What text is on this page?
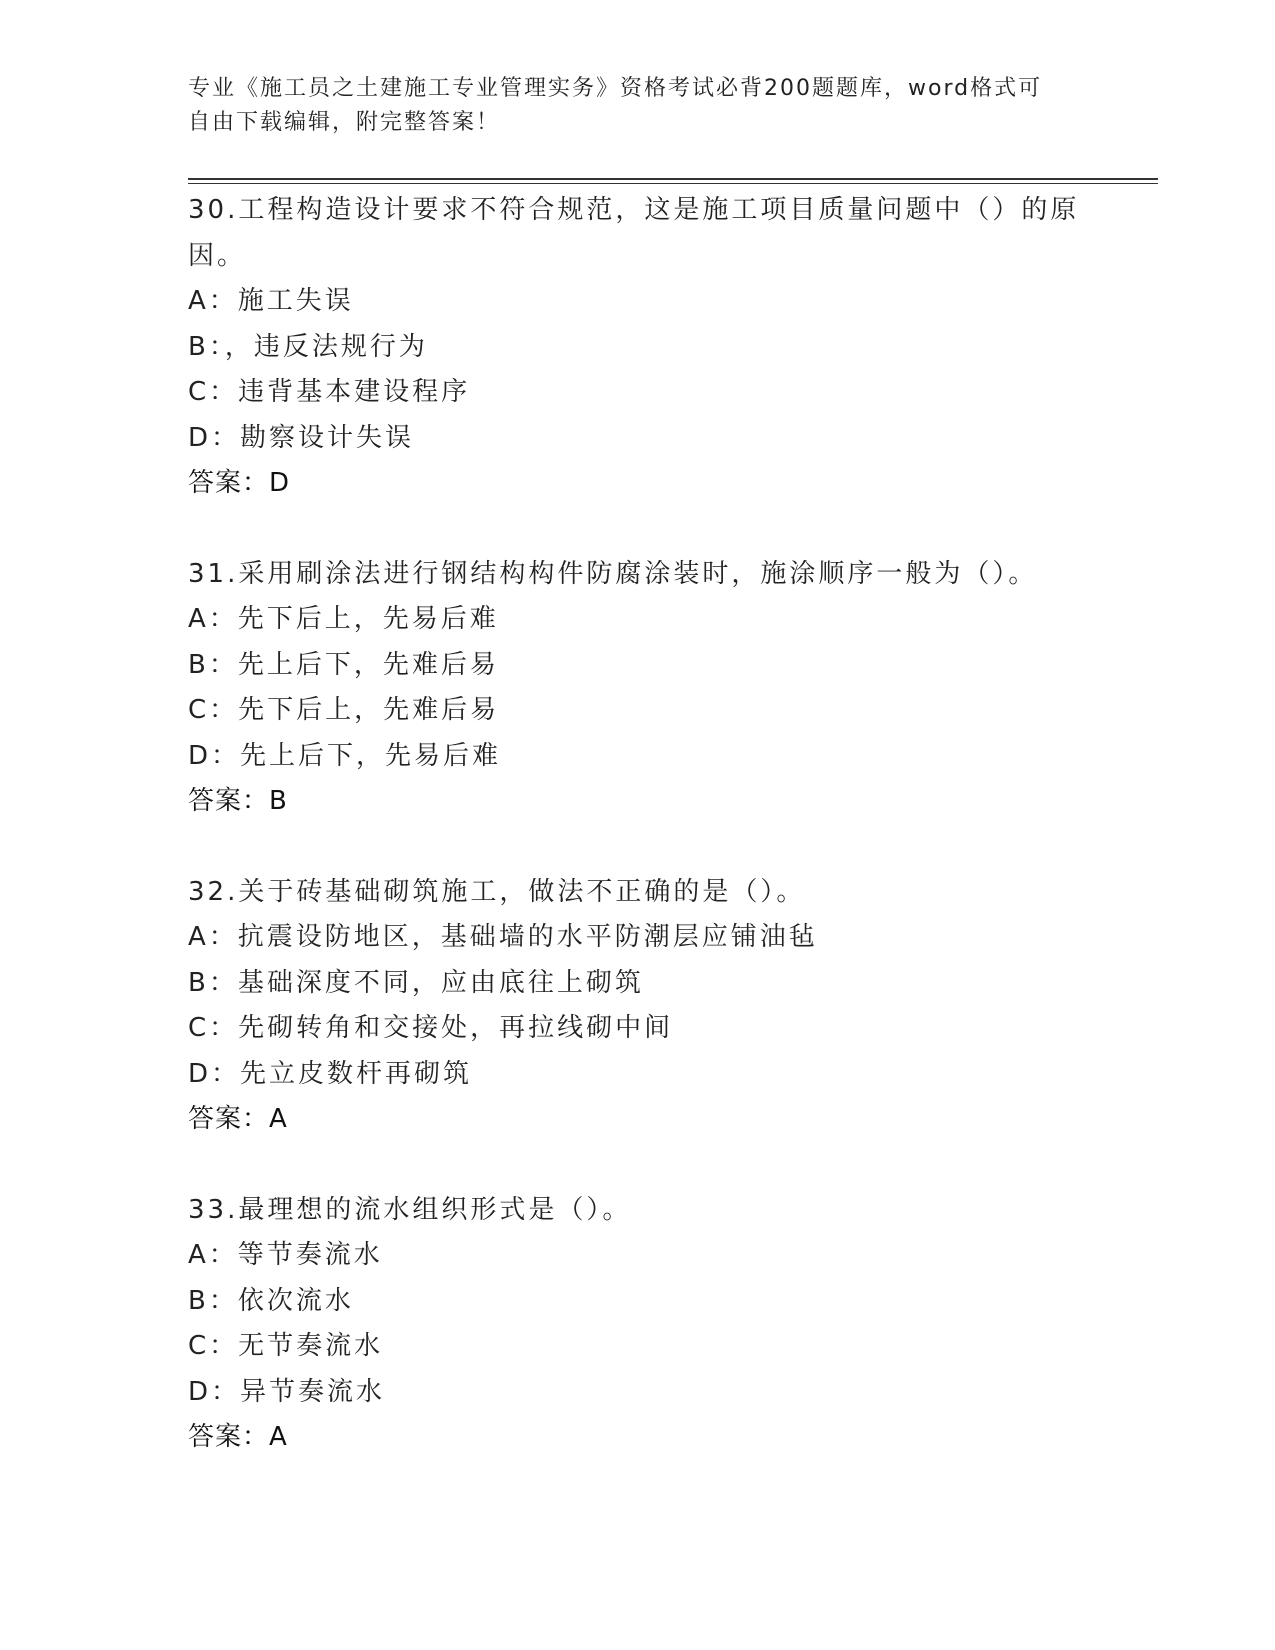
专业《施工员之土建施工专业管理实务》资格考试必背200题题库，word格式可
自由下载编辑，附完整答案！
30.工程构造设计要求不符合规范，这是施工项目质量问题中（）的原因。
A：施工失误
B：，违反法规行为
C：违背基本建设程序
D：勘察设计失误
答案：D
31.采用刷涂法进行钢结构构件防腐涂装时，施涂顺序一般为（）。
A：先下后上，先易后难
B：先上后下，先难后易
C：先下后上，先难后易
D：先上后下，先易后难
答案：B
32.关于砖基础砌筑施工，做法不正确的是（）。
A：抗震设防地区，基础墙的水平防潮层应铺油毡
B：基础深度不同，应由底往上砌筑
C：先砌转角和交接处，再拉线砌中间
D：先立皮数杆再砌筑
答案：A
33.最理想的流水组织形式是（）。
A：等节奏流水
B：依次流水
C：无节奏流水
D：异节奏流水
答案：A
